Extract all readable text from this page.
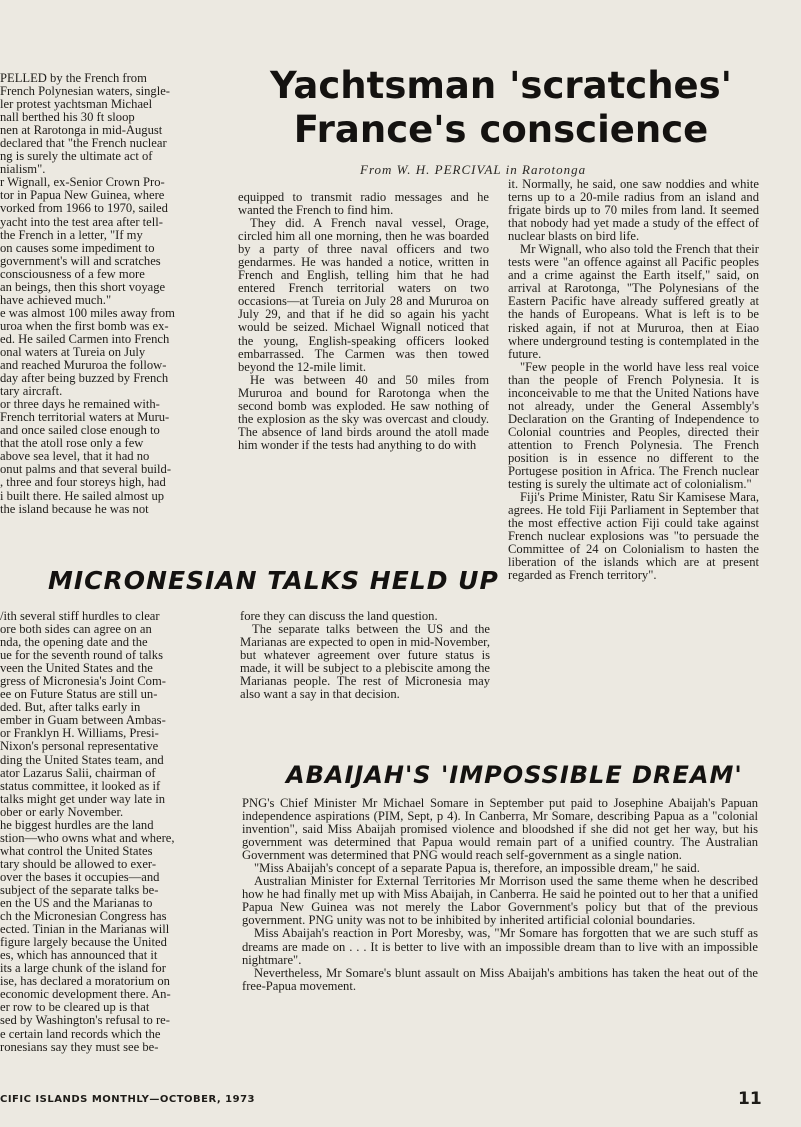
Yachtsman 'scratches'
France's conscience
From W. H. PERCIVAL in Rarotonga
PELLED by the French from
French Polynesian waters, single-
ler protest yachtsman Michael
nall berthed his 30 ft sloop
nen at Rarotonga in mid-August
declared that "the French nuclear
ng is surely the ultimate act of
nialism".
r Wignall, ex-Senior Crown Pro-
tor in Papua New Guinea, where
vorked from 1966 to 1970, sailed
yacht into the test area after tell-
the French in a letter, "If my
on causes some impediment to
government's will and scratches
consciousness of a few more
an beings, then this short voyage
have achieved much."
e was almost 100 miles away from
uroa when the first bomb was ex-
ed. He sailed Carmen into French
onal waters at Tureia on July
and reached Mururoa the follow-
day after being buzzed by French
tary aircraft.
or three days he remained with-
French territorial waters at Muru-
and once sailed close enough to
that the atoll rose only a few
above sea level, that it had no
onut palms and that several build-
, three and four storeys high, had
i built there. He sailed almost up
the island because he was not

equipped to transmit radio messages and he wanted the French to find him.

They did. A French naval vessel, Orage, circled him all one morning, then he was boarded by a party of three naval officers and two gendarmes. He was handed a notice, written in French and English, telling him that he had entered French territorial waters on two occasions—at Tureia on July 28 and Mururoa on July 29, and that if he did so again his yacht would be seized. Michael Wignall noticed that the young, English-speaking officers looked embarrassed. The Carmen was then towed beyond the 12-mile limit.

He was between 40 and 50 miles from Mururoa and bound for Rarotonga when the second bomb was exploded. He saw nothing of the explosion as the sky was overcast and cloudy. The absence of land birds around the atoll made him wonder if the tests had anything to do with

it. Normally, he said, one saw noddies and white terns up to a 20-mile radius from an island and frigate birds up to 70 miles from land. It seemed that nobody had yet made a study of the effect of nuclear blasts on bird life.

Mr Wignall, who also told the French that their tests were "an offence against all Pacific peoples and a crime against the Earth itself," said, on arrival at Rarotonga, "The Polynesians of the Eastern Pacific have already suffered greatly at the hands of Europeans. What is left is to be risked again, if not at Mururoa, then at Eiao where underground testing is contemplated in the future.

"Few people in the world have less real voice than the people of French Polynesia. It is inconceivable to me that the United Nations have not already, under the General Assembly's Declaration on the Granting of Independence to Colonial countries and Peoples, directed their attention to French Polynesia. The French position is in essence no different to the Portugese position in Africa. The French nuclear testing is surely the ultimate act of colonialism."

Fiji's Prime Minister, Ratu Sir Kamisese Mara, agrees. He told Fiji Parliament in September that the most effective action Fiji could take against French nuclear explosions was "to persuade the Committee of 24 on Colonialism to hasten the liberation of the islands which are at present regarded as French territory".

MICRONESIAN TALKS HELD UP
/ith several stiff hurdles to clear
ore both sides can agree on an
nda, the opening date and the
ue for the seventh round of talks
veen the United States and the
gress of Micronesia's Joint Com-
ee on Future Status are still un-
ded. But, after talks early in
ember in Guam between Ambas-
or Franklyn H. Williams, Presi-
Nixon's personal representative
ding the United States team, and
ator Lazarus Salii, chairman of
status committee, it looked as if
talks might get under way late in
ober or early November.
he biggest hurdles are the land
stion—who owns what and where,
what control the United States
tary should be allowed to exer-
over the bases it occupies—and
subject of the separate talks be-
en the US and the Marianas to
ch the Micronesian Congress has
ected. Tinian in the Marianas will
figure largely because the United
es, which has announced that it
its a large chunk of the island for
ise, has declared a moratorium on
economic development there. An-
er row to be cleared up is that
sed by Washington's refusal to re-
e certain land records which the
ronesians say they must see be-

fore they can discuss the land question.

The separate talks between the US and the Marianas are expected to open in mid-November, but whatever agreement over future status is made, it will be subject to a plebiscite among the Marianas people. The rest of Micronesia may also want a say in that decision.

ABAIJAH'S 'IMPOSSIBLE DREAM'

PNG's Chief Minister Mr Michael Somare in September put paid to Josephine Abaijah's Papuan independence aspirations (PIM, Sept, p 4). In Canberra, Mr Somare, describing Papua as a "colonial invention", said Miss Abaijah promised violence and bloodshed if she did not get her way, but his government was determined that Papua would remain part of a unified country. The Australian Government was determined that PNG would reach self-government as a single nation.

"Miss Abaijah's concept of a separate Papua is, therefore, an impossible dream," he said.

Australian Minister for External Territories Mr Morrison used the same theme when he described how he had finally met up with Miss Abaijah, in Canberra. He said he pointed out to her that a unified Papua New Guinea was not merely the Labor Government's policy but that of the previous government. PNG unity was not to be inhibited by inherited artificial colonial boundaries.

Miss Abaijah's reaction in Port Moresby, was, "Mr Somare has forgotten that we are such stuff as dreams are made on . . . It is better to live with an impossible dream than to live with an impossible nightmare".

Nevertheless, Mr Somare's blunt assault on Miss Abaijah's ambitions has taken the heat out of the free-Papua movement.

CIFIC ISLANDS MONTHLY—OCTOBER, 1973	11
